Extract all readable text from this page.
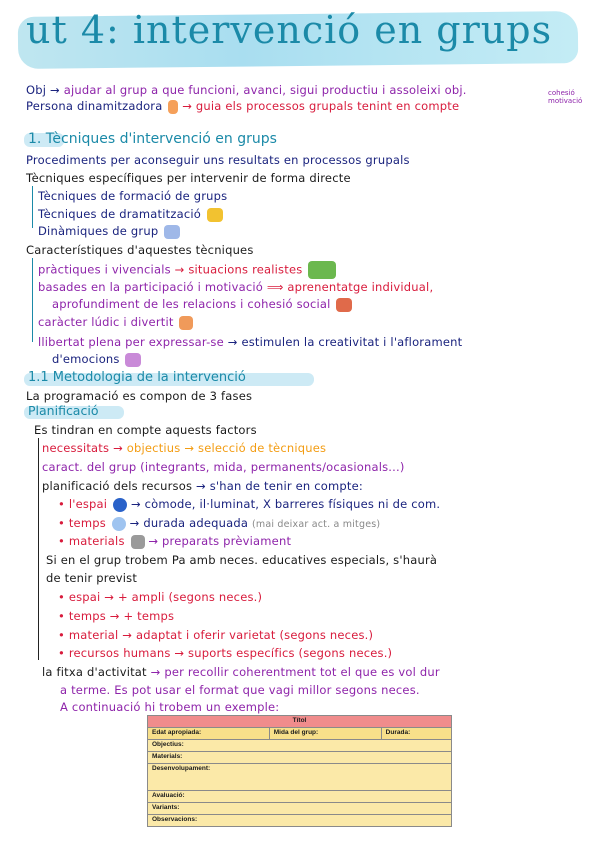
ut 4: intervenció en grups
Obj → ajudar al grup a que funcioni, avanci, sigui productiu i assoleixi obj.
Persona dinamitzadora → guia els processos grupals tenint en compte
cohesió
motivació
1. Tècniques d'intervenció en grups
Procediments per aconseguir uns resultats en processos grupals
Tècniques específiques per intervenir de forma directe
Tècniques de formació de grups
Tècniques de dramatització
Dinàmiques de grup
Característiques d'aquestes tècniques
pràctiques i vivencials → situacions realistes
basades en la participació i motivació ⟹ aprenentatge individual,
aprofundiment de les relacions i cohesió social
caràcter lúdic i divertit
llibertat plena per expressar-se → estimulen la creativitat i l'aflorament
d'emocions
1.1 Metodologia de la intervenció
La programació es compon de 3 fases
Planificació
Es tindran en compte aquests factors
necessitats → objectius → selecció de tècniques
caract. del grup (integrants, mida, permanents/ocasionals...)
planificació dels recursos → s'han de tenir en compte:
• l'espai → còmode, il·luminat, X barreres físiques ni de com.
• temps → durada adequada (mai deixar act. a mitges)
• materials → preparats prèviament
Si en el grup trobem Pa amb neces. educatives especials, s'haurà
de tenir previst
• espai → + ampli (segons neces.)
• temps → + temps
• material → adaptat i oferir varietat (segons neces.)
• recursos humans → suports específics (segons neces.)
la fitxa d'activitat → per recollir coherentment tot el que es vol dur
a terme. Es pot usar el format que vagi millor segons neces.
A continuació hi trobem un exemple:
Títol
Edat apropiada:	Mida del grup:	Durada:
Objectius:
Materials:
Desenvolupament:
Avaluació:
Variants:
Observacions:
